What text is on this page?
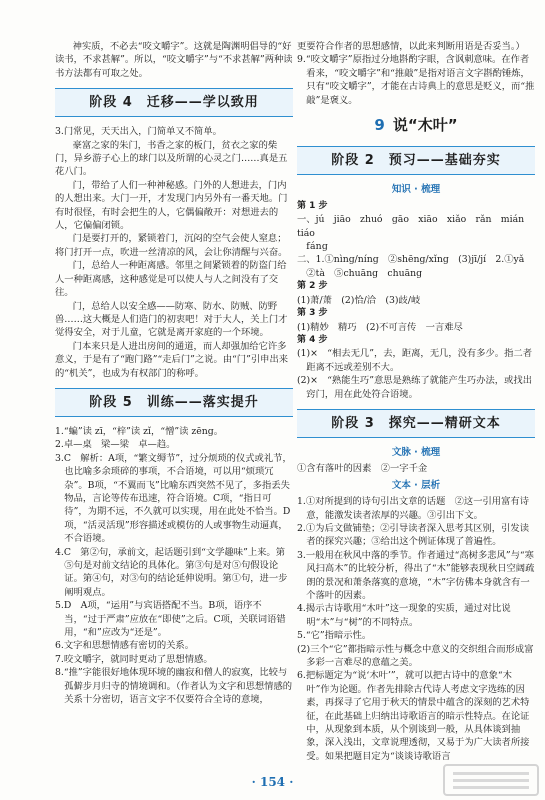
神实质，不必去“咬文嚼字”。这就是陶渊明倡导的“好读书，不求甚解”。所以，“咬文嚼字”与“不求甚解”两种读书方法都有可取之处。

阶段 4　迁移——学以致用

3.门常见，天天出入，门简单又不简单。

豪富之家的朱门，书香之家的板门，贫衣之家的柴门，异乡游子心上的球门以及所谓的心灵之门……真是五花八门。

门，带给了人们一种神秘感。门外的人想进去，门内的人想出来。大门一开，才发现门内另外有一番天地。门有时很怪，有时会把生的人，它偶偏敞开：对想进去的人，它偏偏闭锁。

门是要打开的，紧锁着门，沉闷的空气会使人窒息；将门打开一点，吹进一丝清凉的风，会让你清醒与兴奋。

门，总给人一种距离感。邻里之间紧锁着的防盗门给人一种距离感，这种感觉是可以使人与人之间没有了交往。

门，总给人以安全感——防寒、防水、防贼、防野兽……这大概是人们造门的初衷吧！对于大人，关上门才觉得安全，对于儿童，它就是离开家庭的一个环境。

门本来只是人进出房间的通道，而人却强加给它许多意义，于是有了“跑门路”“走后门”之说。由“门”引申出来的“机关”，也成为有权部门的称呼。

阶段 5　训练——落实提升

1.“蝙”读 zī，“梓”读 zǐ，“憎”读 zēng。

2.卓—桌　梁—梁　卓—趋。

3.C　解析：A项，“繁文缛节”，过分烦琐的仪式或礼节，也比喻多余琐碎的事项，不合语境，可以用“烦琐冗杂”。B项，“不翼而飞”比喻东西突然不见了，多指丢失物品，言论等传布迅速，符合语境。C项，“指日可待”，为期不远，不久就可以实现，用在此处不恰当。D项，“活灵活现”形容描述或模仿的人或事物生动逼真，不合语境。

4.C　第②句，承前文，起话题引到“文学趣味”上来。第⑤句是对前文结论的具体化。第③句是对⑤句假设论证。第④句，对③句的结论延伸说明。第①句，进一步阐明观点。

5.D　A项，“运用”与宾语搭配不当。B项，语序不当，“过于严肃”应放在“即使”之后。C项，关联词语错用，“和”应改为“还是”。

6.文字和思想情感有密切的关系。

7.咬文嚼字，就同时更动了思想情感。

8.“推”字能很好地体现环境的幽寂和僧人的寂寞，比较与孤僻步月归寺的情境调和。（作者认为文字和思想情感的关系十分密切，语言文字不仅要符合全诗的意境，

更要符合作者的思想感情，以此来判断用语是否妥当。）

9.“咬文嚼字”原指过分地斟酌字眼，含讽刺意味。在作者看来，“咬文嚼字”和“推敲”是指对语言文字斟酌锤炼，只有“咬文嚼字”，才能在古诗典上的意思是贬义，而“推敲”是褒义。

9 说“木叶”
阶段 2　预习——基础夯实
知识 · 梳理

第 1 步

一、jú　jiāo　zhuó　gāo　xiāo　xiǎo　rǎn　mián　tiáo

fáng

二、1.①nìng/níng　②shēng/xǐng　(3)jī/jí　2.①yǎ　②tà　⑤chuāng　chuāng

第 2 步

(1)萧/萧　(2)恰/洽　(3)歧/岐

第 3 步

(1)精妙　精巧　(2)不可言传　一言难尽

第 4 步

(1)×　“相去无几”，去，距离，无几，没有多少。指二者距离不远或差别不大。

(2)×　“熟能生巧”意思是熟练了就能产生巧办法，或找出窍门，用在此处符合语境。

阶段 3　探究——精研文本
文脉 · 梳理

①含有落叶的因素　②一字千金

文本 · 层析

1.①对所提到的诗句引出文章的话题　②这一引用富有诗意，能激发读者浓厚的兴趣。③引出下文。

2.①为后文做铺垫；②引导读者深入思考其区别，引发读者的探究兴趣；③给出这个例证体现了普遍性。

3.一般用在秋风中落的季节。作者通过“高树多悲风”与“寒风扫高木”的比较分析，得出了“木”能够表现秋日空阔疏朗的景况和萧条落寞的意境，“木”字仿佛本身就含有一个落叶的因素。

4.揭示古诗歌用“木叶”这一现象的实质，通过对比说明“木”与“树”的不同特点。

5.“它”指暗示性。

(2)三个“它”都指暗示性与概念中意义的交织组合而形成富多彩一言难尽的意蕴之美。

6.把标题定为“说‘木叶’”，就可以把古诗中的意象“木叶”作为论题。作者先排除古代诗人考虑文字选练的因素，再探寻了它用于秋天的情景中蕴含的深刻的艺术特征，在此基础上归纳出诗歌语言的暗示性特点。在论证中，从现象到本质，从个别谈到一般，从具体谈到抽象，深入浅出，文章说理透彻，又易于为广大读者所接受。如果把题目定为“谈谈诗歌语言

· 154 ·
